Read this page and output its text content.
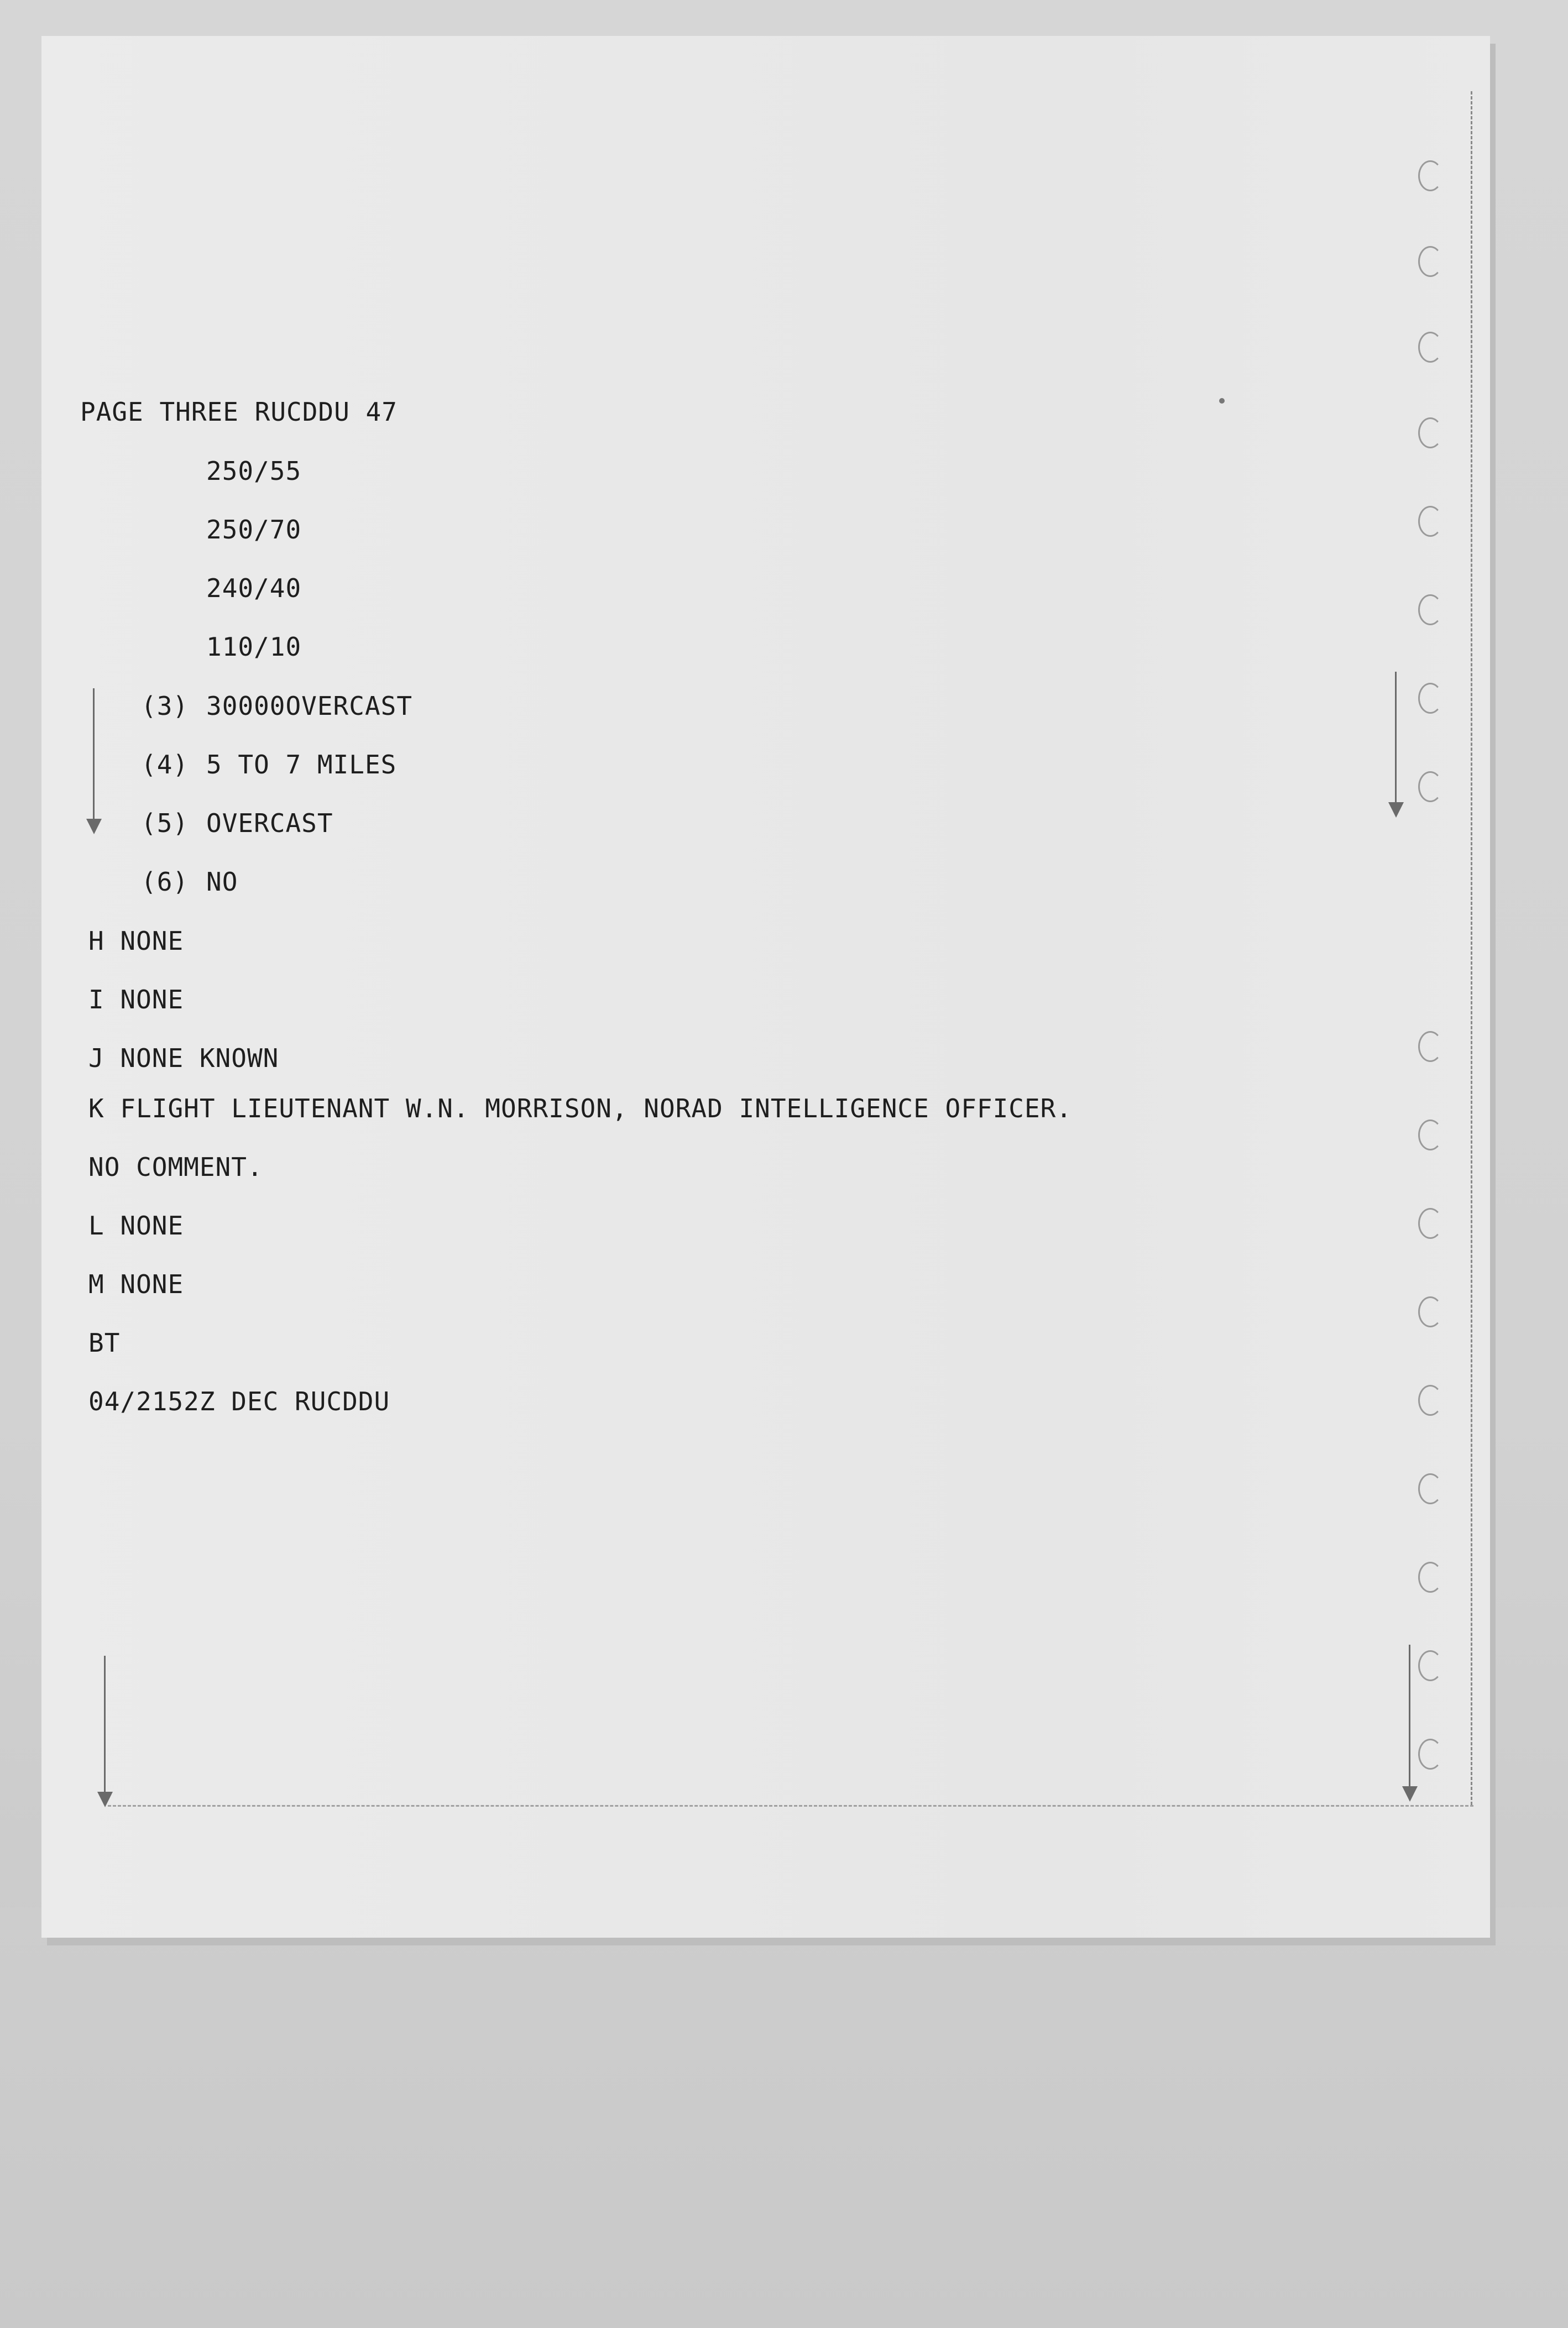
PAGE THREE RUCDDU 47

250/55

250/70

240/40

110/10

(3)

30000OVERCAST

(4)

5 TO 7 MILES

(5)

OVERCAST

(6)

NO

H NONE

I NONE

J NONE KNOWN

K FLIGHT LIEUTENANT W.N. MORRISON, NORAD INTELLIGENCE OFFICER.

NO COMMENT.

L NONE

M NONE

BT

04/2152Z DEC RUCDDU
